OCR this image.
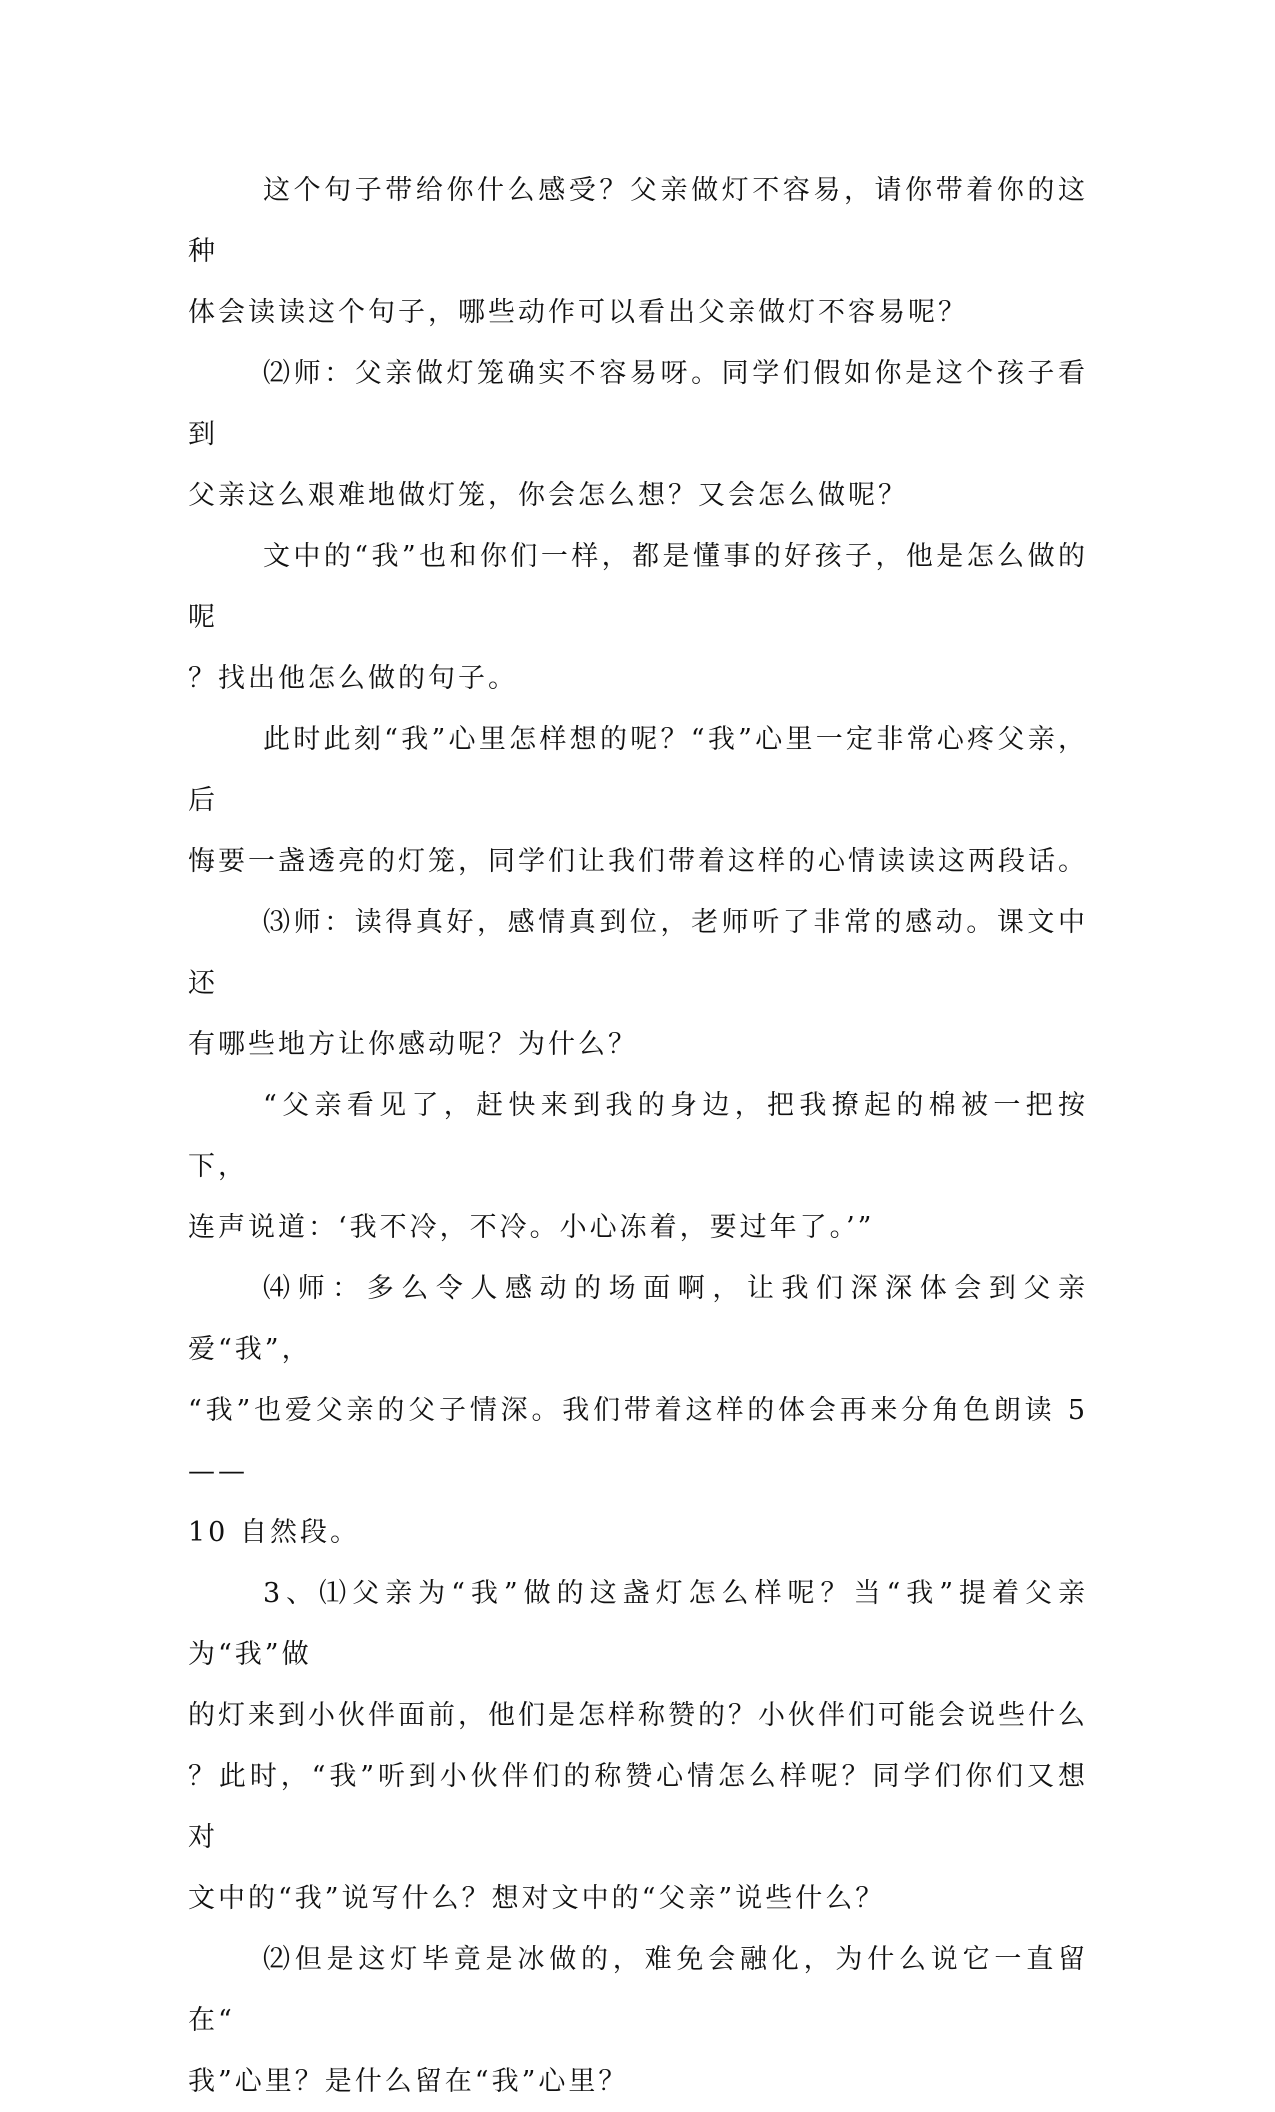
这个句子带给你什么感受？父亲做灯不容易，请你带着你的这种
体会读读这个句子，哪些动作可以看出父亲做灯不容易呢？

⑵师：父亲做灯笼确实不容易呀。同学们假如你是这个孩子看到
父亲这么艰难地做灯笼，你会怎么想？又会怎么做呢？

文中的“我”也和你们一样，都是懂事的好孩子，他是怎么做的呢
？找出他怎么做的句子。

此时此刻“我”心里怎样想的呢？“我”心里一定非常心疼父亲，后
悔要一盏透亮的灯笼，同学们让我们带着这样的心情读读这两段话。

⑶师：读得真好，感情真到位，老师听了非常的感动。课文中还
有哪些地方让你感动呢？为什么？

“父亲看见了，赶快来到我的身边，把我撩起的棉被一把按下，
连声说道：‘我不冷，不冷。小心冻着，要过年了。’”

⑷师：多么令人感动的场面啊，让我们深深体会到父亲爱“我”，
“我”也爱父亲的父子情深。我们带着这样的体会再来分角色朗读 5——
10 自然段。

3、⑴父亲为“我”做的这盏灯怎么样呢？当“我”提着父亲为“我”做
的灯来到小伙伴面前，他们是怎样称赞的？小伙伴们可能会说些什么
？此时，“我”听到小伙伴们的称赞心情怎么样呢？同学们你们又想对
文中的“我”说写什么？想对文中的“父亲”说些什么？

⑵但是这灯毕竟是冰做的，难免会融化，为什么说它一直留在“
我”心里？是什么留在“我”心里？
